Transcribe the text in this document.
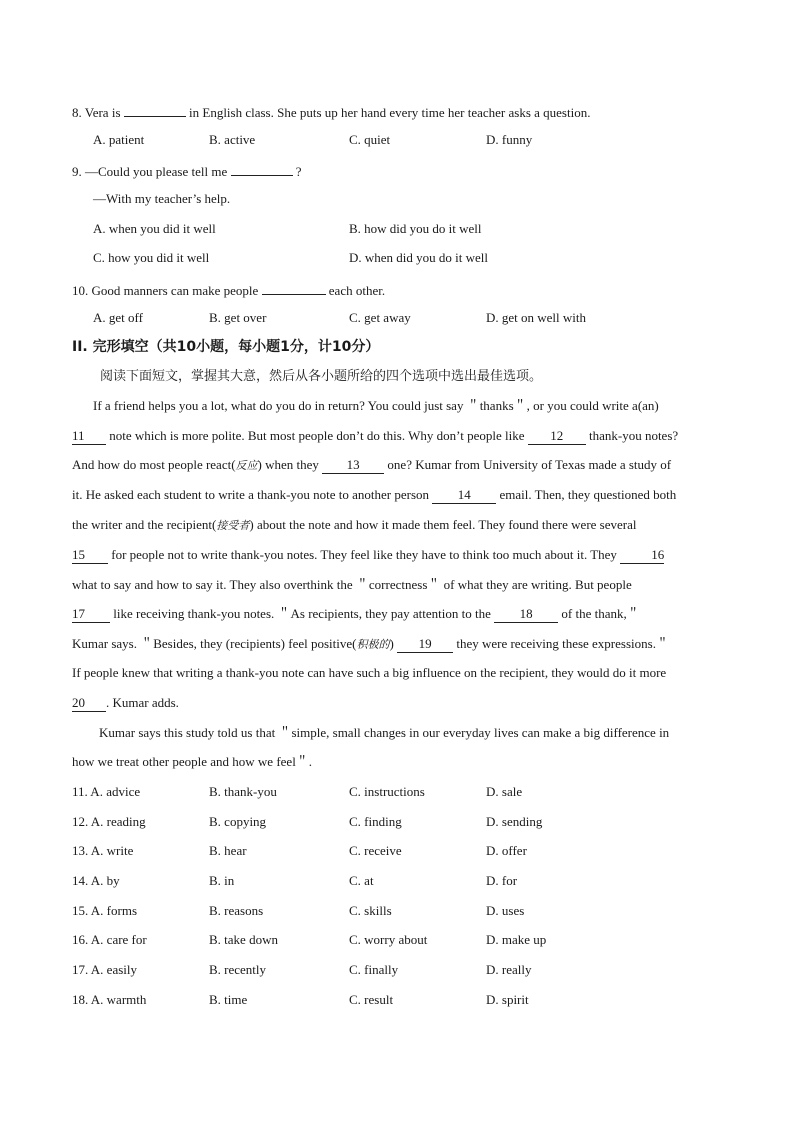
8. Vera is	in English class. She puts up her hand every time her teacher asks a question.
A. patient	B. active	C. quiet	D. funny
9. —Could you please tell me	?
—With my teacher’s help.
A. when you did it well	B. how did you do it well
C. how you did it well	D. when did you do it well
10. Good manners can make people	each other.
A. get off	B. get over	C. get away	D. get on well with
II. 完形填空（共10小题，每小题1分，计10分）
阅读下面短文，掌握其大意，然后从各小题所给的四个选项中选出最佳选项。
If a friend helps you a lot, what do you do in return? You could just say ＂thanks＂, or you could write a(an)
11 note which is more polite. But most people don’t do this. Why don’t people like 12 thank-you notes?
And how do most people react(反应) when they 13 one? Kumar from University of Texas made a study of
it. He asked each student to write a thank-you note to another person 14 email. Then, they questioned both
the writer and the recipient(接受者) about the note and how it made them feel. They found there were several
15 for people not to write thank-you notes. They feel like they have to think too much about it. They	16
what to say and how to say it. They also overthink the ＂correctness＂ of what they are writing. But people
17 like receiving thank-you notes. ＂As recipients, they pay attention to the 18 of the thank,＂
Kumar says. ＂Besides, they (recipients) feel positive(积极的) 19 they were receiving these expressions.＂
If people knew that writing a thank-you note can have such a big influence on the recipient, they would do it more
20 . Kumar adds.
Kumar says this study told us that ＂simple, small changes in our everyday lives can make a big difference in
how we treat other people and how we feel＂.
11. A. advice	B. thank-you	C. instructions	D. sale
12. A. reading	B. copying	C. finding	D. sending
13. A. write	B. hear	C. receive	D. offer
14. A. by	B. in	C. at	D. for
15. A. forms	B. reasons	C. skills	D. uses
16. A. care for	B. take down	C. worry about	D. make up
17. A. easily	B. recently	C. finally	D. really
18. A. warmth	B. time	C. result	D. spirit
